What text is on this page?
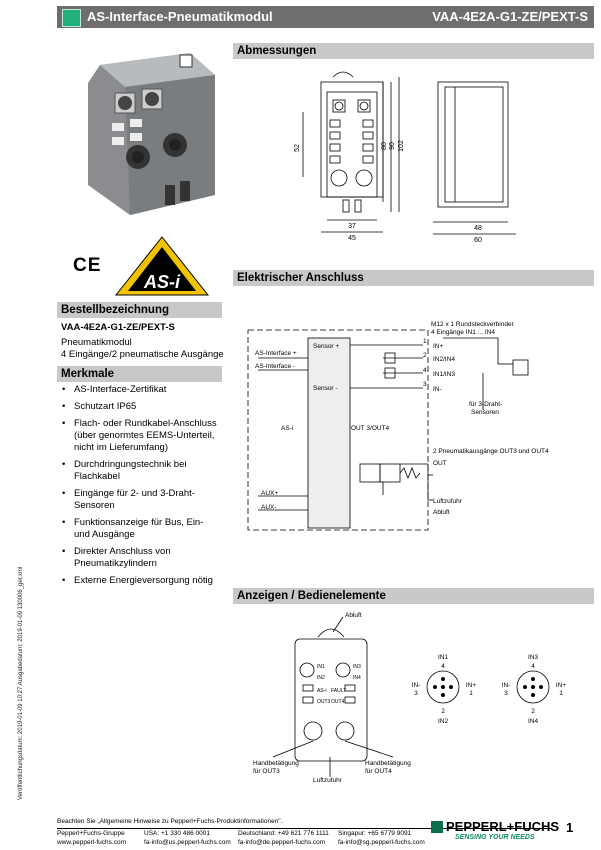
AS-Interface-Pneumatikmodul	VAA-4E2A-G1-ZE/PEXT-S
CE
AS-i
Bestellbezeichnung
VAA-4E2A-G1-ZE/PEXT-S
Pneumatikmodul
4 Eingänge/2 pneumatische Ausgänge
Merkmale
• AS-Interface-Zertifikat
• Schutzart IP65
• Flach- oder Rundkabel-Anschluss (über genormtes EEMS-Unterteil, nicht im Lieferumfang)
• Durchdringungstechnik bei Flachkabel
• Eingänge für 2- und 3-Draht-Sensoren
• Funktionsanzeige für Bus, Ein- und Ausgänge
• Direkter Anschluss von Pneumatikzylindern
• Externe Energieversorgung nötig
Veröffentlichungsdatum: 2019-01-09 10:27 Ausgabedatum: 2019-01-09 130006_ger.xml
Abmessungen
52	80 90 102
37
45
48
60
Elektrischer Anschluss
M12 x 1 Rundsteckverbinder
4 Eingänge IN1 ... IN4
Sensor +
AS-Interface +
AS-Interface -
Sensor -
1
2
4
3
IN+
IN2/IN4
IN1/IN3
IN-
für 3-Draht-
Sensoren
AS-i	OUT 3/OUT4
2 Pneumatikausgänge OUT3 und OUT4
OUT
Luftzufuhr
Abluft
AUX+
AUX-
Anzeigen / Bedienelemente
IN1
IN2
IN3
IN4
AS-i
OUT3 OUT4
FAULT
Abluft
Handbetätigung
für OUT3
Handbetätigung
für OUT4
Luftzufuhr
IN1
4
IN-
3
IN+
1
2
IN2
IN3
4
IN-
3
IN+
1
2
IN4
Beachten Sie „Allgemeine Hinweise zu Pepperl+Fuchs-Produktinformationen".
Pepperl+Fuchs-Gruppe
www.pepperl-fuchs.com
USA: +1 330 486 0001
fa-info@us.pepperl-fuchs.com
Deutschland: +49 621 776 1111
fa-info@de.pepperl-fuchs.com
Singapur: +65 6779 9091
fa-info@sg.pepperl-fuchs.com
PEPPERL+FUCHS
SENSING YOUR NEEDS
1
